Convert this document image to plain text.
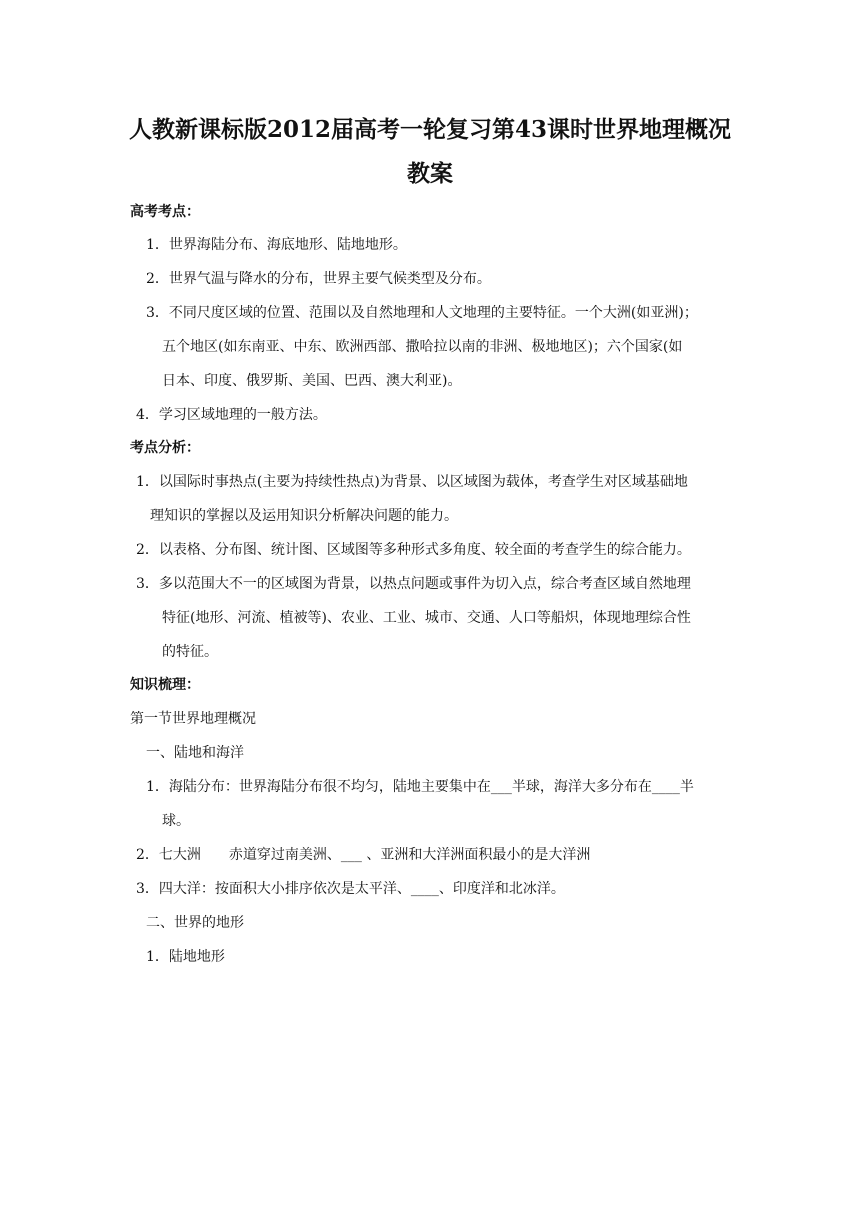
人教新课标版2012届高考一轮复习第43课时世界地理概况
教案
高考考点：
1．世界海陆分布、海底地形、陆地地形。
2．世界气温与降水的分布，世界主要气候类型及分布。
3．不同尺度区域的位置、范围以及自然地理和人文地理的主要特征。一个大洲(如亚洲)；
五个地区(如东南亚、中东、欧洲西部、撒哈拉以南的非洲、极地地区)；六个国家(如
日本、印度、俄罗斯、美国、巴西、澳大利亚)。
4．学习区域地理的一般方法。
考点分析：
1．以国际时事热点(主要为持续性热点)为背景、以区域图为载体，考查学生对区域基础地
理知识的掌握以及运用知识分析解决问题的能力。
2．以表格、分布图、统计图、区域图等多种形式多角度、较全面的考查学生的综合能力。
3．多以范围大不一的区域图为背景，以热点问题或事件为切入点，综合考查区域自然地理
特征(地形、河流、植被等)、农业、工业、城市、交通、人口等船炽，体现地理综合性
的特征。
知识梳理：
第一节世界地理概况
一、陆地和海洋
1．海陆分布：世界海陆分布很不均匀，陆地主要集中在___半球，海洋大多分布在____半
球。
2．七大洲　　赤道穿过南美洲、___ 、亚洲和大洋洲面积最小的是大洋洲
3．四大洋：按面积大小排序依次是太平洋、____、印度洋和北冰洋。
二、世界的地形
1．陆地地形
